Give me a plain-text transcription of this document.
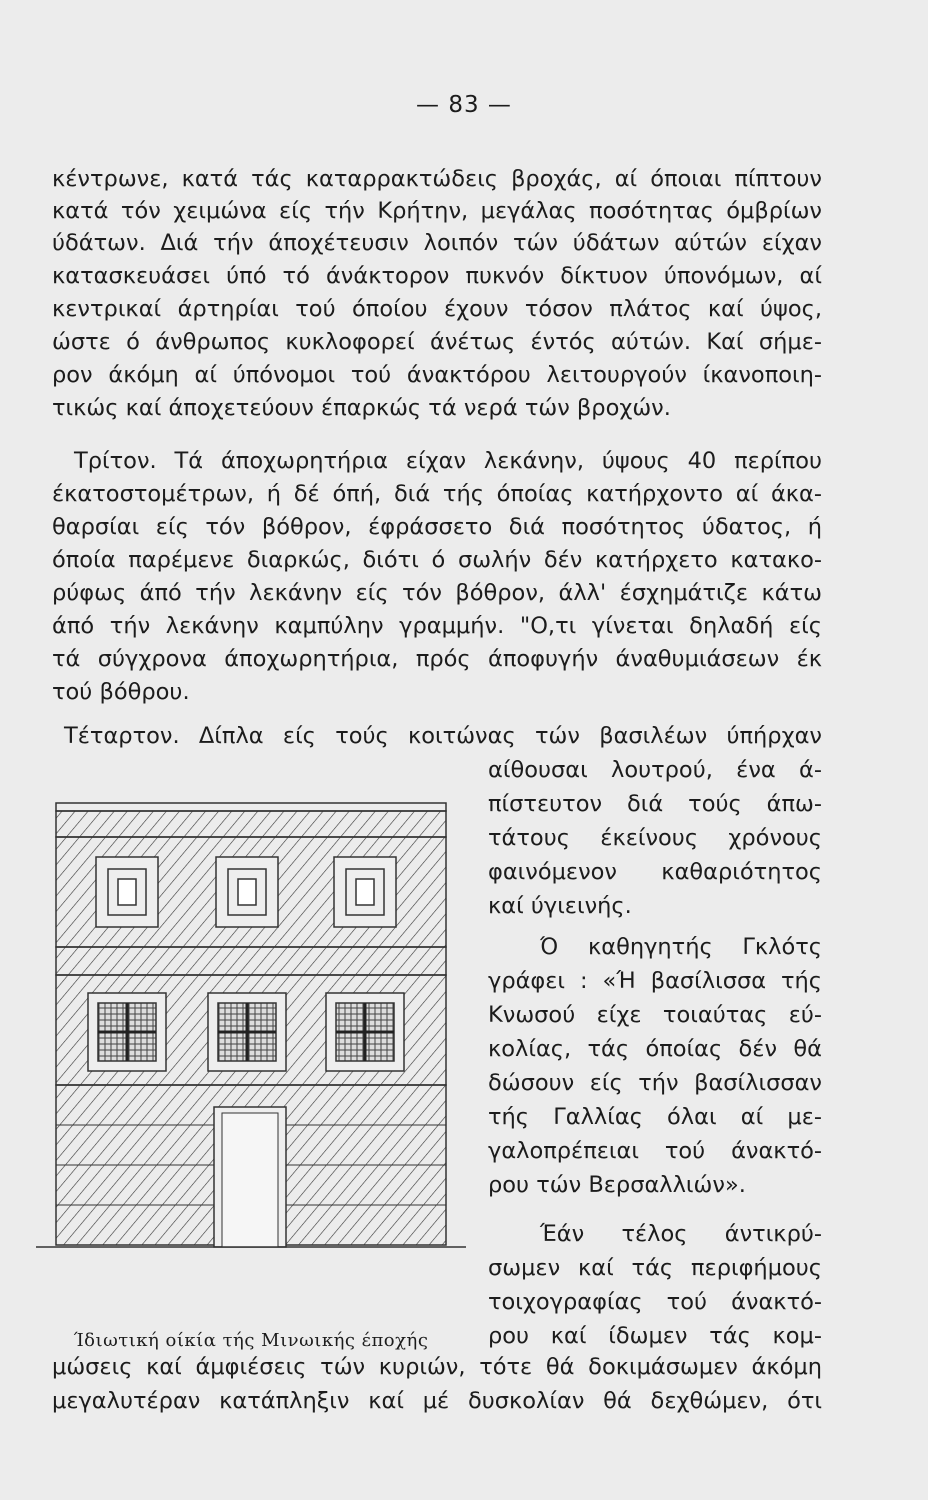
— 83 —
κέντρωνε, κατά τάς καταρρακτώδεις βροχάς, αί όποιαι πίπτουν
κατά τόν χειμώνα είς τήν Κρήτην, μεγάλας ποσότητας όμβρίων
ύδάτων. Διά τήν άποχέτευσιν λοιπόν τών ύδάτων αύτών είχαν
κατασκευάσει ύπό τό άνάκτορον πυκνόν δίκτυον ύπονόμων, αί
κεντρικαί άρτηρίαι τού όποίου έχουν τόσον πλάτος καί ύψος,
ώστε ό άνθρωπος κυκλοφορεί άνέτως έντός αύτών. Καί σήμε-
ρον άκόμη αί ύπόνομοι τού άνακτόρου λειτουργούν ίκανοποιη-
τικώς καί άποχετεύουν έπαρκώς τά νερά τών βροχών.
Τρίτον. Τά άποχωρητήρια είχαν λεκάνην, ύψους 40 περίπου
έκατοστομέτρων, ή δέ όπή, διά τής όποίας κατήρχοντο αί άκα-
θαρσίαι είς τόν βόθρον, έφράσσετο διά ποσότητος ύδατος, ή
όποία παρέμενε διαρκώς, διότι ό σωλήν δέν κατήρχετο κατακο-
ρύφως άπό τήν λεκάνην είς τόν βόθρον, άλλ' έσχημάτιζε κάτω
άπό τήν λεκάνην καμπύλην γραμμήν. "Ο,τι γίνεται δηλαδή είς
τά σύγχρονα άποχωρητήρια, πρός άποφυγήν άναθυμιάσεων έκ
τού βόθρου.
Τέταρτον. Δίπλα είς τούς κοιτώνας τών βασιλέων ύπήρχαν
αίθουσαι λουτρού, ένα ά-
πίστευτον διά τούς άπω-
τάτους έκείνους χρόνους
φαινόμενον καθαριότητος
καί ύγιεινής.
Ό καθηγητής Γκλότς
γράφει : «Ή βασίλισσα τής
Κνωσού είχε τοιαύτας εύ-
κολίας, τάς όποίας δέν θά
δώσουν είς τήν βασίλισσαν
τής Γαλλίας όλαι αί με-
γαλοπρέπειαι τού άνακτό-
ρου τών Βερσαλλιών».
Έάν τέλος άντικρύ-
σωμεν καί τάς περιφήμους
τοιχογραφίας τού άνακτό-
ρου καί ίδωμεν τάς κομ-
μώσεις καί άμφιέσεις τών κυριών, τότε θά δοκιμάσωμεν άκόμη
μεγαλυτέραν κατάπληξιν καί μέ δυσκολίαν θά δεχθώμεν, ότι
Ίδιωτική οίκία τής Μινωικής έποχής
